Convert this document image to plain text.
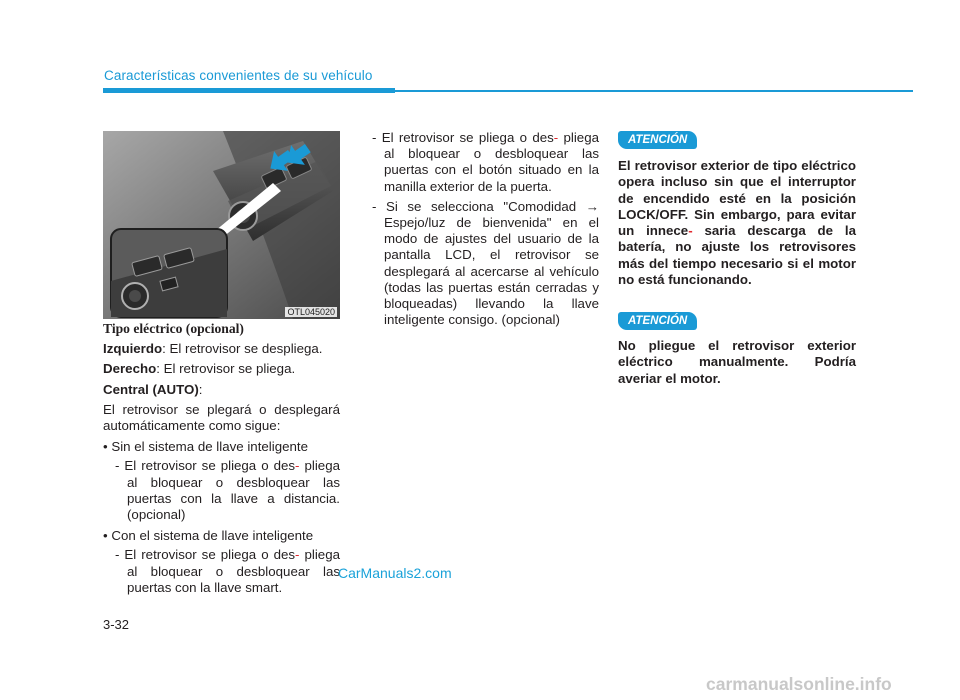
Características convenientes de su vehículo
OTL045020

Tipo eléctrico (opcional)

Izquierdo: El retrovisor se despliega.

Derecho: El retrovisor se pliega.

Central (AUTO):

El retrovisor se plegará o desplegará automáticamente como sigue:

• Sin el sistema de llave inteligente

- El retrovisor se pliega o des- pliega al bloquear o desbloquear las puertas con la llave a distancia. (opcional)

• Con el sistema de llave inteligente

- El retrovisor se pliega o des- pliega al bloquear o desbloquear las puertas con la llave smart.

- El retrovisor se pliega o des- pliega al bloquear o desbloquear las puertas con el botón situado en la manilla exterior de la puerta.

- Si se selecciona "Comodidad → Espejo/luz de bienvenida" en el modo de ajustes del usuario de la pantalla LCD, el retrovisor se desplegará al acercarse al vehículo (todas las puertas están cerradas y bloqueadas) llevando la llave inteligente consigo. (opcional)

ATENCIÓN
El retrovisor exterior de tipo eléctrico opera incluso sin que el interruptor de encendido esté en la posición LOCK/OFF. Sin embargo, para evitar un innece- saria descarga de la batería, no ajuste los retrovisores más del tiempo necesario si el motor no está funcionando.
ATENCIÓN
No pliegue el retrovisor exterior eléctrico manualmente. Podría averiar el motor.
3-32
CarManuals2.com
carmanualsonline.info
